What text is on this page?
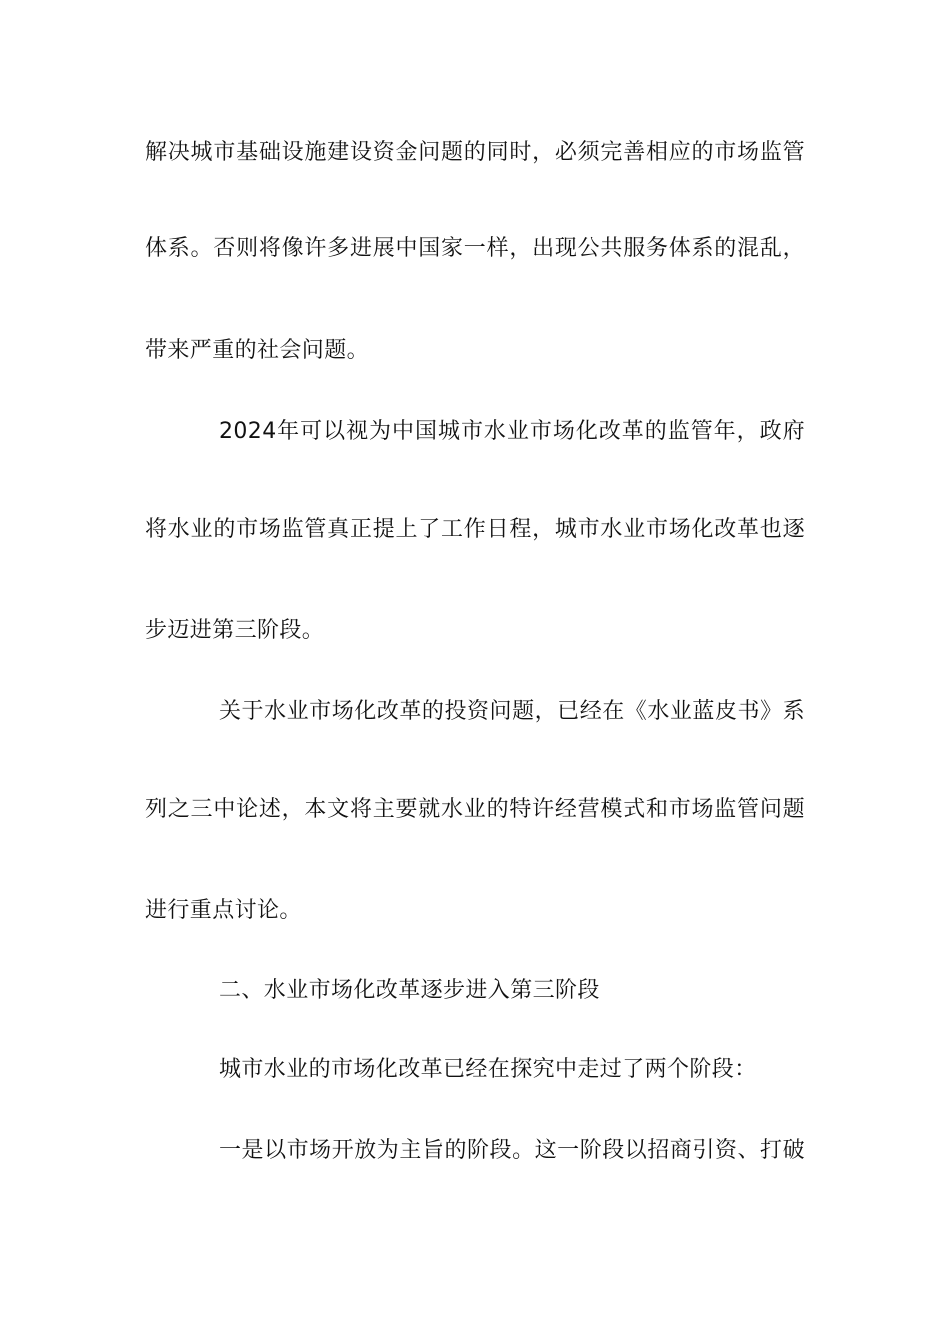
解决城市基础设施建设资金问题的同时，必须完善相应的市场监管
体系。否则将像许多进展中国家一样，出现公共服务体系的混乱，
带来严重的社会问题。
2024年可以视为中国城市水业市场化改革的监管年，政府
将水业的市场监管真正提上了工作日程，城市水业市场化改革也逐
步迈进第三阶段。
关于水业市场化改革的投资问题，已经在《水业蓝皮书》系
列之三中论述，本文将主要就水业的特许经营模式和市场监管问题
进行重点讨论。
二、水业市场化改革逐步进入第三阶段
城市水业的市场化改革已经在探究中走过了两个阶段：
一是以市场开放为主旨的阶段。这一阶段以招商引资、打破
